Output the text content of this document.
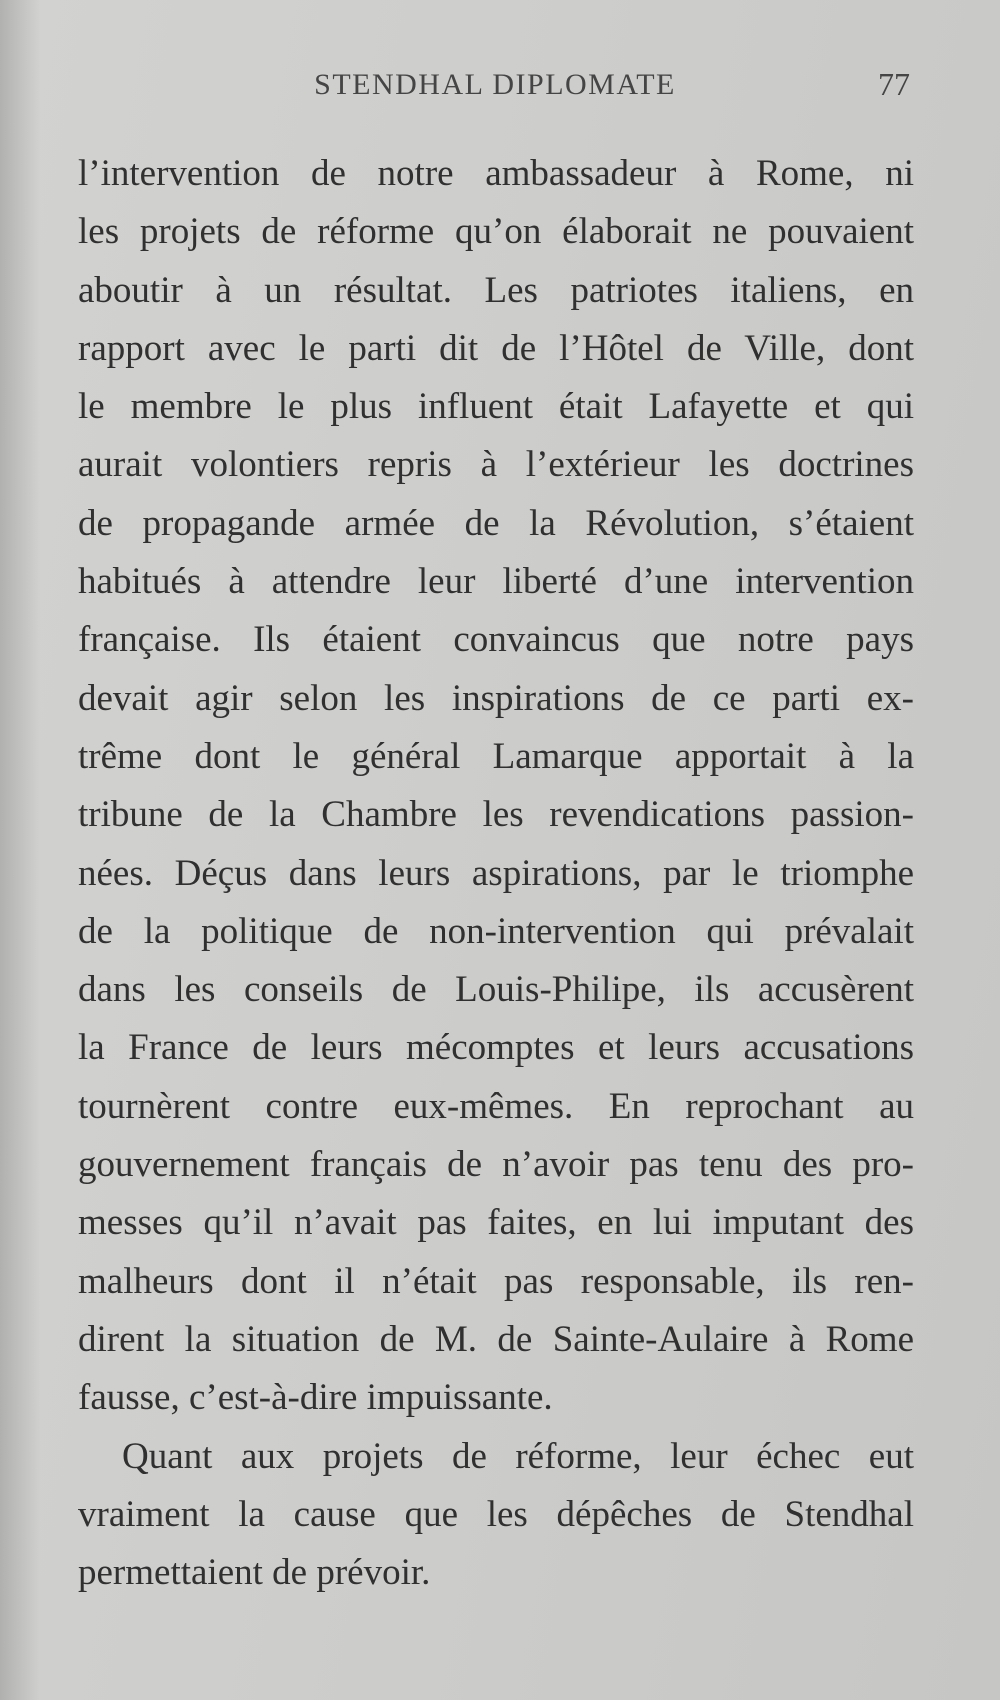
STENDHAL DIPLOMATE	77
l’intervention de notre ambassadeur à Rome, ni
les projets de réforme qu’on élaborait ne pouvaient
aboutir à un résultat. Les patriotes italiens, en
rapport avec le parti dit de l’Hôtel de Ville, dont
le membre le plus influent était Lafayette et qui
aurait volontiers repris à l’extérieur les doctrines
de propagande armée de la Révolution, s’étaient
habitués à attendre leur liberté d’une intervention
française. Ils étaient convaincus que notre pays
devait agir selon les inspirations de ce parti ex-
trême dont le général Lamarque apportait à la
tribune de la Chambre les revendications passion-
nées. Déçus dans leurs aspirations, par le triomphe
de la politique de non-intervention qui prévalait
dans les conseils de Louis-Philipe, ils accusèrent
la France de leurs mécomptes et leurs accusations
tournèrent contre eux-mêmes. En reprochant au
gouvernement français de n’avoir pas tenu des pro-
messes qu’il n’avait pas faites, en lui imputant des
malheurs dont il n’était pas responsable, ils ren-
dirent la situation de M. de Sainte-Aulaire à Rome
fausse, c’est-à-dire impuissante.
Quant aux projets de réforme, leur échec eut
vraiment la cause que les dépêches de Stendhal
permettaient de prévoir.
